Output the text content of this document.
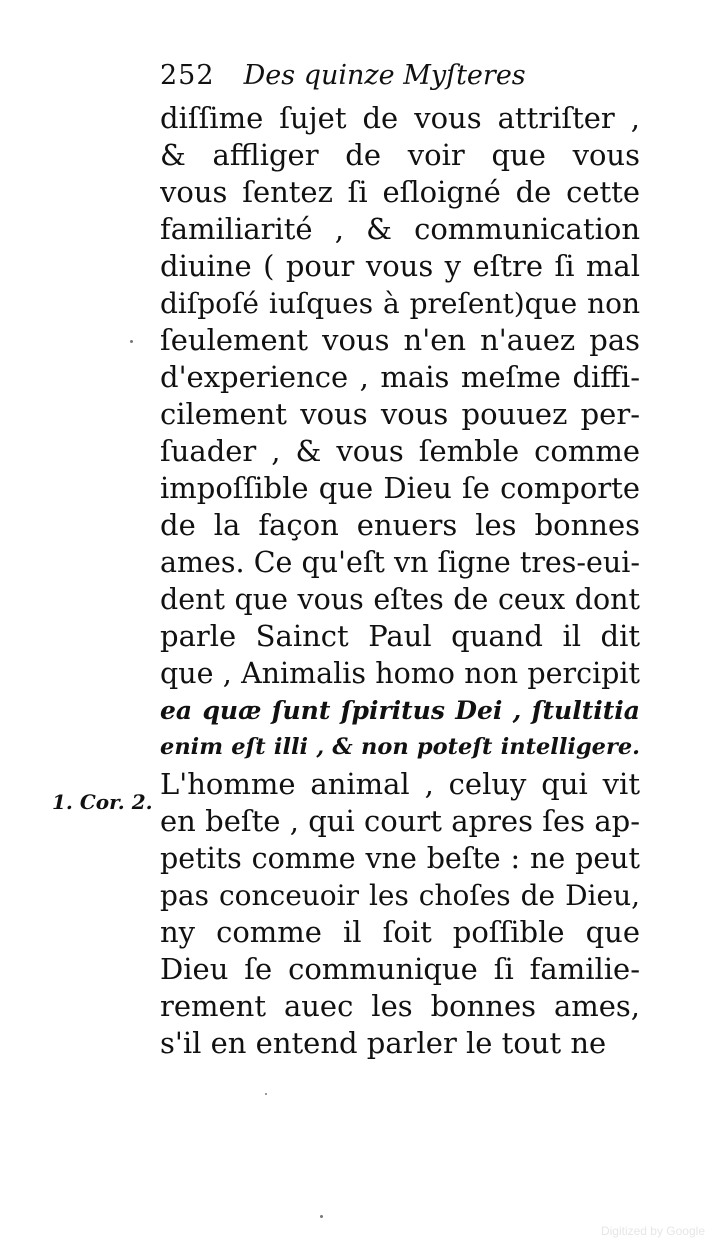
252 Des quinze Myſteres
1. Cor. 2.
diſſime ſujet de vous attriſter ,
& affliger de voir que vous
vous ſentez ſi eſloigné de cette
familiarité , & communication
diuine ( pour vous y eſtre ſi mal
diſpoſé iuſques à preſent)que non
ſeulement vous n'en n'auez pas
d'experience , mais meſme diffi-
cilement vous vous pouuez per-
ſuader , & vous ſemble comme
impoſſible que Dieu ſe comporte
de la façon enuers les bonnes
ames. Ce qu'eſt vn ſigne tres-eui-
dent que vous eſtes de ceux dont
parle Sainct Paul quand il dit
que , Animalis homo non percipit
ea quæ ſunt ſpiritus Dei , ſtultitia
enim eſt illi , & non poteſt intelligere.
L'homme animal , celuy qui vit
en beſte , qui court apres ſes ap-
petits comme vne beſte : ne peut
pas conceuoir les choſes de Dieu,
ny comme il ſoit poſſible que
Dieu ſe communique ſi familie-
rement auec les bonnes ames,
s'il en entend parler le tout ne
Digitized by Google
